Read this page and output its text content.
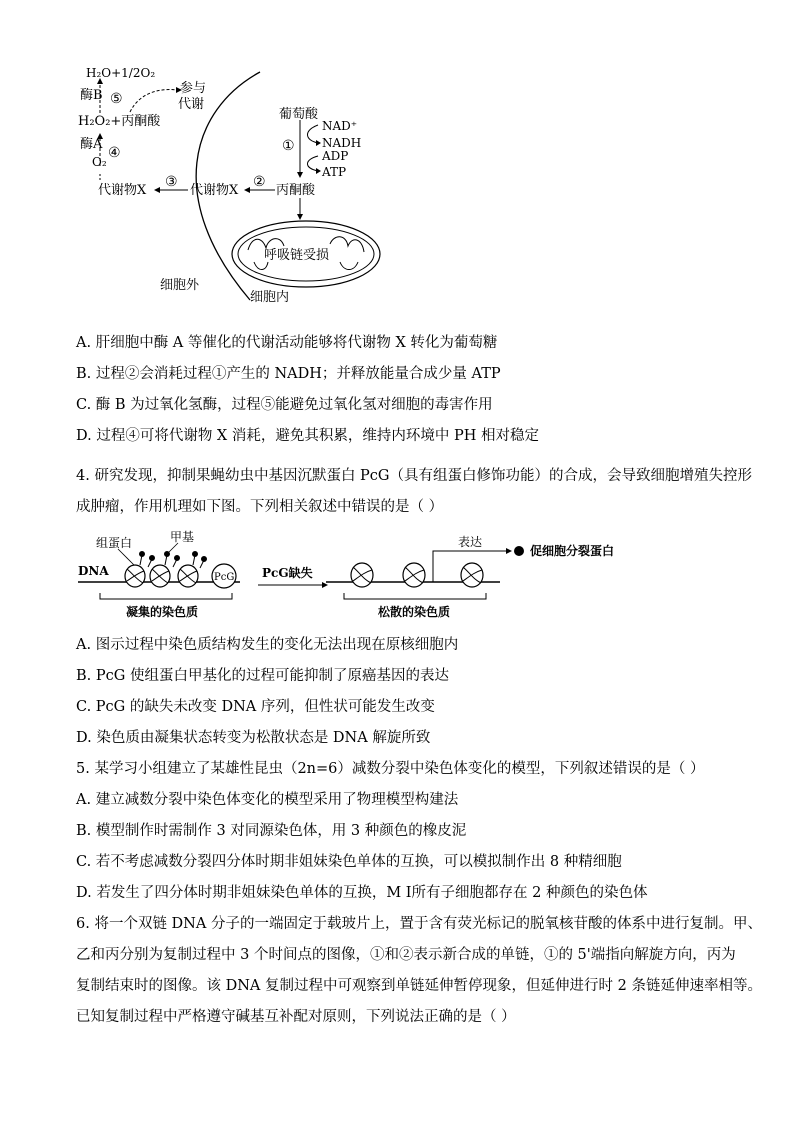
H₂O+1/2O₂
酶B ⑤
参与
代谢
H₂O₂+丙酮酸
酶A
④
O₂
代谢物X
③
代谢物X
②
丙酮酸
葡萄酸
①
NAD⁺
NADH
ADP
ATP
呼吸链受损
细胞外
细胞内
A. 肝细胞中酶 A 等催化的代谢活动能够将代谢物 X 转化为葡萄糖
B. 过程②会消耗过程①产生的 NADH；并释放能量合成少量 ATP
C. 酶 B 为过氧化氢酶，过程⑤能避免过氧化氢对细胞的毒害作用
D. 过程④可将代谢物 X 消耗，避免其积累，维持内环境中 PH 相对稳定
4. 研究发现，抑制果蝇幼虫中基因沉默蛋白 PcG（具有组蛋白修饰功能）的合成，会导致细胞增殖失控形
成肿瘤，作用机理如下图。下列相关叙述中错误的是（ ）
PcG
组蛋白	甲基
DNA	PcG缺失
表达
促细胞分裂蛋白
凝集的染色质	松散的染色质
A. 图示过程中染色质结构发生的变化无法出现在原核细胞内
B. PcG 使组蛋白甲基化的过程可能抑制了原癌基因的表达
C. PcG 的缺失未改变 DNA 序列，但性状可能发生改变
D. 染色质由凝集状态转变为松散状态是 DNA 解旋所致
5. 某学习小组建立了某雄性昆虫（2n=6）减数分裂中染色体变化的模型，下列叙述错误的是（ ）
A. 建立减数分裂中染色体变化的模型采用了物理模型构建法
B. 模型制作时需制作 3 对同源染色体，用 3 种颜色的橡皮泥
C. 若不考虑减数分裂四分体时期非姐妹染色单体的互换，可以模拟制作出 8 种精细胞
D. 若发生了四分体时期非姐妹染色单体的互换，M Ⅰ所有子细胞都存在 2 种颜色的染色体
6. 将一个双链 DNA 分子的一端固定于载玻片上，置于含有荧光标记的脱氧核苷酸的体系中进行复制。甲、
乙和丙分别为复制过程中 3 个时间点的图像，①和②表示新合成的单链，①的 5'端指向解旋方向，丙为
复制结束时的图像。该 DNA 复制过程中可观察到单链延伸暂停现象，但延伸进行时 2 条链延伸速率相等。
已知复制过程中严格遵守碱基互补配对原则，下列说法正确的是（ ）
